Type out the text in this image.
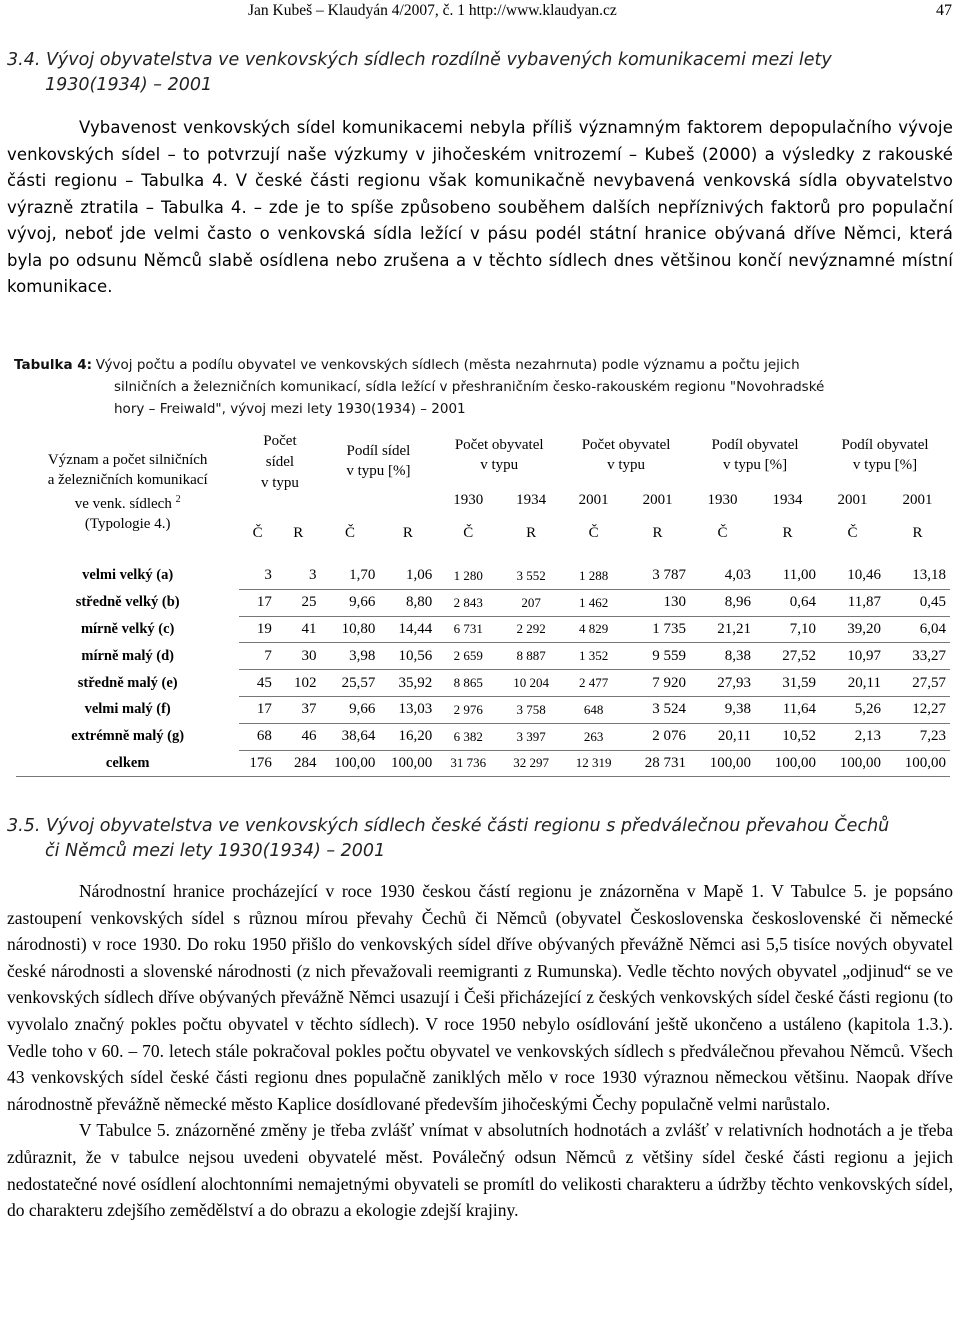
Jan Kubeš – Klaudyán 4/2007, č. 1 http://www.klaudyan.cz	47
3.4. Vývoj obyvatelstva ve venkovských sídlech rozdílně vybavených komunikacemi mezi lety
1930(1934) – 2001

Vybavenost venkovských sídel komunikacemi nebyla příliš významným faktorem depopulačního vývoje venkovských sídel – to potvrzují naše výzkumy v jihočeském vnitrozemí – Kubeš (2000) a výsledky z rakouské části regionu – Tabulka 4. V české části regionu však komunikačně nevybavená venkovská sídla obyvatelstvo výrazně ztratila – Tabulka 4. – zde je to spíše způsobeno souběhem dalších nepříznivých faktorů pro populační vývoj, neboť jde velmi často o venkovská sídla ležící v pásu podél státní hranice obývaná dříve Němci, která byla po odsunu Němců slabě osídlena nebo zrušena a v těchto sídlech dnes většinou končí nevýznamné místní komunikace.

Tabulka 4: Vývoj počtu a podílu obyvatel ve venkovských sídlech (města nezahrnuta) podle významu a počtu jejich
silničních a železničních komunikací, sídla ležící v přeshraničním česko-rakouském regionu "Novohradské
hory – Freiwald", vývoj mezi lety 1930(1934) – 2001
Význam a počet silničních
a železničních komunikací
ve venk. sídlech $^2$
(Typologie 4.)	Počet
sídel
v typu		Podíl sídel
v typu [%]		Počet obyvatel
v typu		Počet obyvatel
v typu		Podíl obyvatel
v typu [%]		Podíl obyvatel
v typu [%]	
					1930	1934	2001	2001	1930	1934	2001	2001
	Č	R	Č	R	Č	R	Č	R	Č	R	Č	R

velmi velký (a)	3	3	1,70	1,06	1 280	3 552	1 288	3 787	4,03	11,00	10,46	13,18
středně velký (b)	17	25	9,66	8,80	2 843	207	1 462	130	8,96	0,64	11,87	0,45
mírně velký (c)	19	41	10,80	14,44	6 731	2 292	4 829	1 735	21,21	7,10	39,20	6,04
mírně malý (d)	7	30	3,98	10,56	2 659	8 887	1 352	9 559	8,38	27,52	10,97	33,27
středně malý (e)	45	102	25,57	35,92	8 865	10 204	2 477	7 920	27,93	31,59	20,11	27,57
velmi malý (f)	17	37	9,66	13,03	2 976	3 758	648	3 524	9,38	11,64	5,26	12,27
extrémně malý (g)	68	46	38,64	16,20	6 382	3 397	263	2 076	20,11	10,52	2,13	7,23
celkem	176	284	100,00	100,00	31 736	32 297	12 319	28 731	100,00	100,00	100,00	100,00
3.5. Vývoj obyvatelstva ve venkovských sídlech české části regionu s předválečnou převahou Čechů
či Němců mezi lety 1930(1934) – 2001

Národnostní hranice procházející v roce 1930 českou částí regionu je znázorněna v Mapě 1. V Tabulce 5. je popsáno zastoupení venkovských sídel s různou mírou převahy Čechů či Němců (obyvatel Československa československé či německé národnosti) v roce 1930. Do roku 1950 přišlo do venkovských sídel dříve obývaných převážně Němci asi 5,5 tisíce nových obyvatel české národnosti a slovenské národnosti (z nich převažovali reemigranti z Rumunska). Vedle těchto nových obyvatel „odjinud“ se ve venkovských sídlech dříve obývaných převážně Němci usazují i Češi přicházející z českých venkovských sídel české části regionu (to vyvolalo značný pokles počtu obyvatel v těchto sídlech). V roce 1950 nebylo osídlování ještě ukončeno a ustáleno (kapitola 1.3.). Vedle toho v 60. – 70. letech stále pokračoval pokles počtu obyvatel ve venkovských sídlech s předválečnou převahou Němců. Všech 43 venkovských sídel české části regionu dnes populačně zaniklých mělo v roce 1930 výraznou německou většinu. Naopak dříve národnostně převážně německé město Kaplice dosídlované především jihočeskými Čechy populačně velmi narůstalo.

V Tabulce 5. znázorněné změny je třeba zvlášť vnímat v absolutních hodnotách a zvlášť v relativních hodnotách a je třeba zdůraznit, že v tabulce nejsou uvedeni obyvatelé měst. Poválečný odsun Němců z většiny sídel české části regionu a jejich nedostatečné nové osídlení alochtonními nemajetnými obyvateli se promítl do velikosti charakteru a údržby těchto venkovských sídel, do charakteru zdejšího zemědělství a do obrazu a ekologie zdejší krajiny.
